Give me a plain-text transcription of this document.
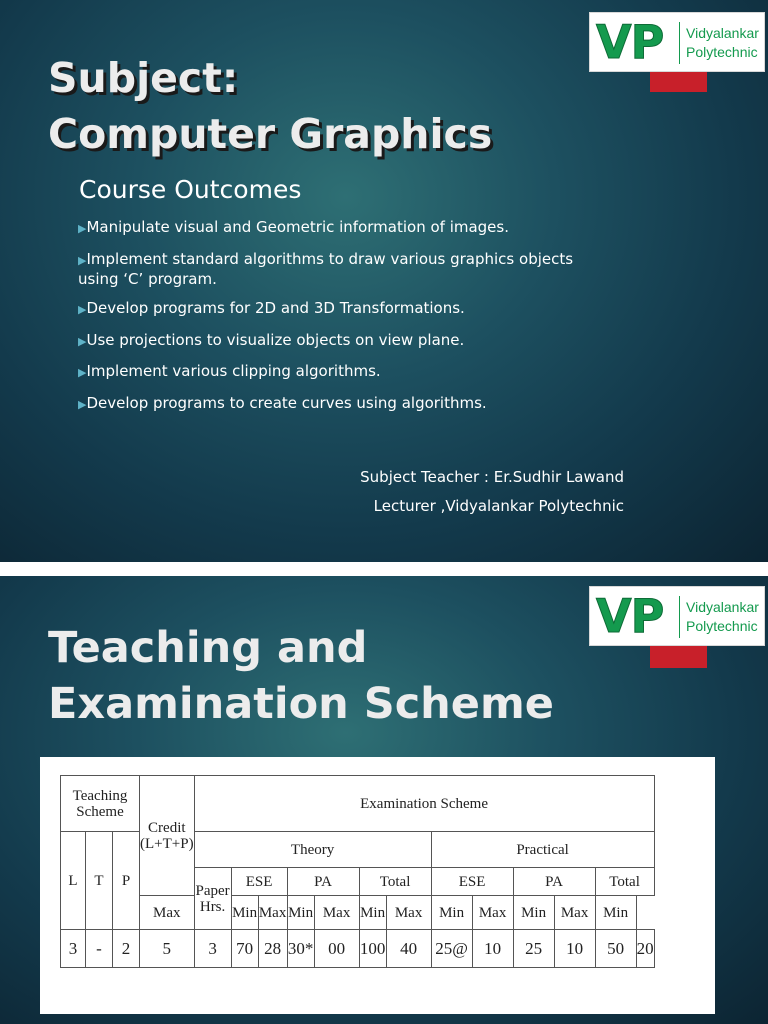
VP Vidyalankar
Polytechnic
Subject:
Computer Graphics
Course Outcomes
▶Manipulate visual and Geometric information of images.
▶Implement standard algorithms to draw various graphics objects using ‘C’ program.
▶Develop programs for 2D and 3D Transformations.
▶Use projections to visualize objects on view plane.
▶Implement various clipping algorithms.
▶Develop programs to create curves using algorithms.
Subject Teacher : Er.Sudhir Lawand
Lecturer ,Vidyalankar Polytechnic
VP Vidyalankar
Polytechnic
Teaching and
Examination Scheme
Teaching Scheme			Credit (L+T+P)	Examination Scheme												
L	T	P		Theory							Practical					
				Paper Hrs.	ESE		PA		Total		ESE		PA		Total	
			Max		Min	Max	Min	Max	Min	Max	Min	Max	Min	Max	Min	
3	-	2	5	3	70	28	30*	00	100	40	25@	10	25	10	50	20
